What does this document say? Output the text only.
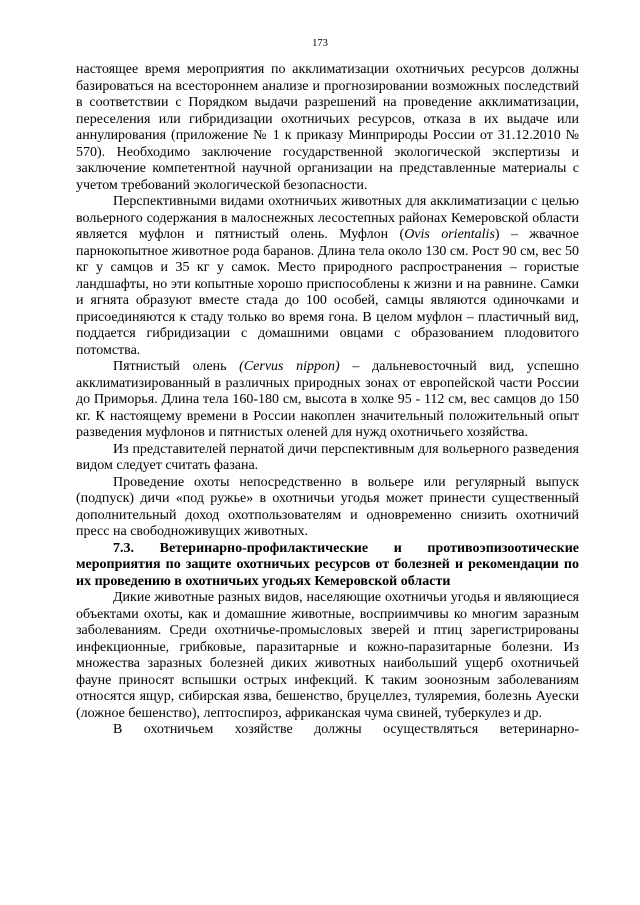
173

настоящее время мероприятия по акклиматизации охотничьих ресурсов должны базироваться на всестороннем анализе и прогнозировании возможных последствий в соответствии с Порядком выдачи разрешений на проведение акклиматизации, переселения или гибридизации охотничьих ресурсов, отказа в их выдаче или аннулирования (приложение № 1 к приказу Минприроды России от 31.12.2010 № 570). Необходимо заключение государственной экологической экспертизы и заключение компетентной научной организации на представленные материалы с учетом требований экологической безопасности.

Перспективными видами охотничьих животных для акклиматизации с целью вольерного содержания в малоснежных лесостепных районах Кемеровской области является муфлон и пятнистый олень. Муфлон (Ovis orientalis) – жвачное парнокопытное животное рода баранов. Длина тела около 130 см. Рост 90 см, вес 50 кг у самцов и 35 кг у самок. Место природного распространения – гористые ландшафты, но эти копытные хорошо приспособлены к жизни и на равнине. Самки и ягнята образуют вместе стада до 100 особей, самцы являются одиночками и присоединяются к стаду только во время гона. В целом муфлон – пластичный вид, поддается гибридизации с домашними овцами с образованием плодовитого потомства.

Пятнистый олень (Cervus nippon) – дальневосточный вид, успешно акклиматизированный в различных природных зонах от европейской части России до Приморья. Длина тела 160-180 см, высота в холке 95 - 112 см, вес самцов до 150 кг. К настоящему времени в России накоплен значительный положительный опыт разведения муфлонов и пятнистых оленей для нужд охотничьего хозяйства.

Из представителей пернатой дичи перспективным для вольерного разведения видом следует считать фазана.

Проведение охоты непосредственно в вольере или регулярный выпуск (подпуск) дичи «под ружье» в охотничьи угодья может принести существенный дополнительный доход охотпользователям и одновременно снизить охотничий пресс на свободноживущих животных.

7.3. Ветеринарно-профилактические и противоэпизоотические мероприятия по защите охотничьих ресурсов от болезней и рекомендации по их проведению в охотничьих угодьях Кемеровской области

Дикие животные разных видов, населяющие охотничьи угодья и являющиеся объектами охоты, как и домашние животные, восприимчивы ко многим заразным заболеваниям. Среди охотничье-промысловых зверей и птиц зарегистрированы инфекционные, грибковые, паразитарные и кожно-паразитарные болезни. Из множества заразных болезней диких животных наибольший ущерб охотничьей фауне приносят вспышки острых инфекций. К таким зоонозным заболеваниям относятся ящур, сибирская язва, бешенство, бруцеллез, туляремия, болезнь Ауески (ложное бешенство), лептоспироз, африканская чума свиней, туберкулез и др.

В охотничьем хозяйстве должны осуществляться ветеринарно-
